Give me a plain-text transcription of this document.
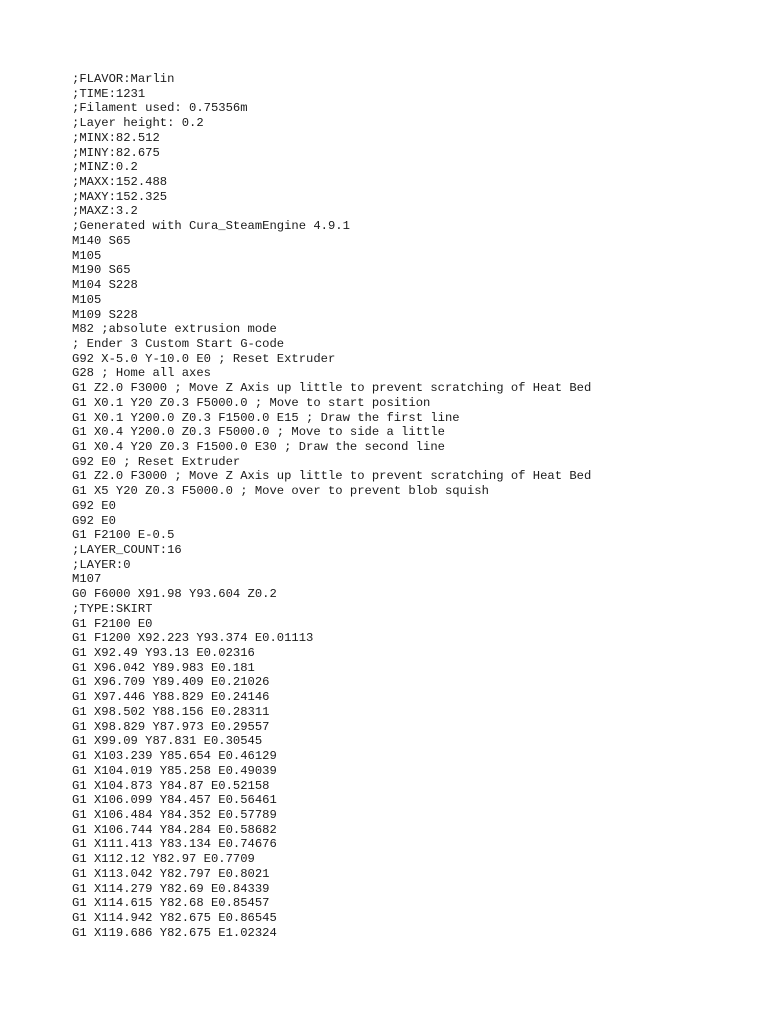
;FLAVOR:Marlin
;TIME:1231
;Filament used: 0.75356m
;Layer height: 0.2
;MINX:82.512
;MINY:82.675
;MINZ:0.2
;MAXX:152.488
;MAXY:152.325
;MAXZ:3.2
;Generated with Cura_SteamEngine 4.9.1
M140 S65
M105
M190 S65
M104 S228
M105
M109 S228
M82 ;absolute extrusion mode
; Ender 3 Custom Start G-code
G92 X-5.0 Y-10.0 E0 ; Reset Extruder
G28 ; Home all axes
G1 Z2.0 F3000 ; Move Z Axis up little to prevent scratching of Heat Bed
G1 X0.1 Y20 Z0.3 F5000.0 ; Move to start position
G1 X0.1 Y200.0 Z0.3 F1500.0 E15 ; Draw the first line
G1 X0.4 Y200.0 Z0.3 F5000.0 ; Move to side a little
G1 X0.4 Y20 Z0.3 F1500.0 E30 ; Draw the second line
G92 E0 ; Reset Extruder
G1 Z2.0 F3000 ; Move Z Axis up little to prevent scratching of Heat Bed
G1 X5 Y20 Z0.3 F5000.0 ; Move over to prevent blob squish
G92 E0
G92 E0
G1 F2100 E-0.5
;LAYER_COUNT:16
;LAYER:0
M107
G0 F6000 X91.98 Y93.604 Z0.2
;TYPE:SKIRT
G1 F2100 E0
G1 F1200 X92.223 Y93.374 E0.01113
G1 X92.49 Y93.13 E0.02316
G1 X96.042 Y89.983 E0.181
G1 X96.709 Y89.409 E0.21026
G1 X97.446 Y88.829 E0.24146
G1 X98.502 Y88.156 E0.28311
G1 X98.829 Y87.973 E0.29557
G1 X99.09 Y87.831 E0.30545
G1 X103.239 Y85.654 E0.46129
G1 X104.019 Y85.258 E0.49039
G1 X104.873 Y84.87 E0.52158
G1 X106.099 Y84.457 E0.56461
G1 X106.484 Y84.352 E0.57789
G1 X106.744 Y84.284 E0.58682
G1 X111.413 Y83.134 E0.74676
G1 X112.12 Y82.97 E0.7709
G1 X113.042 Y82.797 E0.8021
G1 X114.279 Y82.69 E0.84339
G1 X114.615 Y82.68 E0.85457
G1 X114.942 Y82.675 E0.86545
G1 X119.686 Y82.675 E1.02324
